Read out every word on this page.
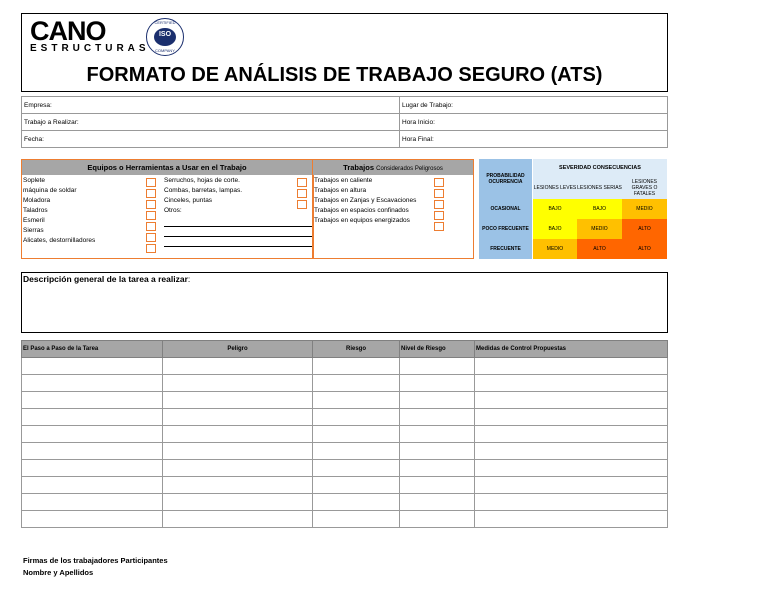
CANO
ESTRUCTURAS
CERTIFIED
ISO
COMPANY
FORMATO DE ANÁLISIS DE TRABAJO SEGURO (ATS)
Empresa:	Lugar de Trabajo:
Trabajo a Realizar:	Hora Inicio:
Fecha:	Hora Final:
Equipos o Herramientas a Usar en el Trabajo	Trabajos Considerados Peligrosos
Soplete
máquina de soldar
Moladora
Taladros
Esmeril
Sierras
Alicates, destornilladores
Serruchos, hojas de corte.
Combas, barretas, lampas.
Cinceles, puntas
Otros:
Trabajos en caliente
Trabajos en altura
Trabajos en Zanjas y Escavaciones
Trabajos en espacios confinados
Trabajos en equipos energizados
PROBABILIDAD OCURRENCIA
SEVERIDAD CONSECUENCIAS
LESIONES LEVES LESIONES SERIAS
LESIONES GRAVES O FATALES
OCASIONAL	BAJO	BAJO	MEDIO
POCO FRECUENTE	BAJO	MEDIO	ALTO
FRECUENTE	MEDIO	ALTO	ALTO
Descripción general de la tarea a realizar:
El Paso a Paso de la Tarea	Peligro	Riesgo	Nivel de Riesgo	Medidas de Control Propuestas

Firmas de los trabajadores Participantes
Nombre y Apellidos
